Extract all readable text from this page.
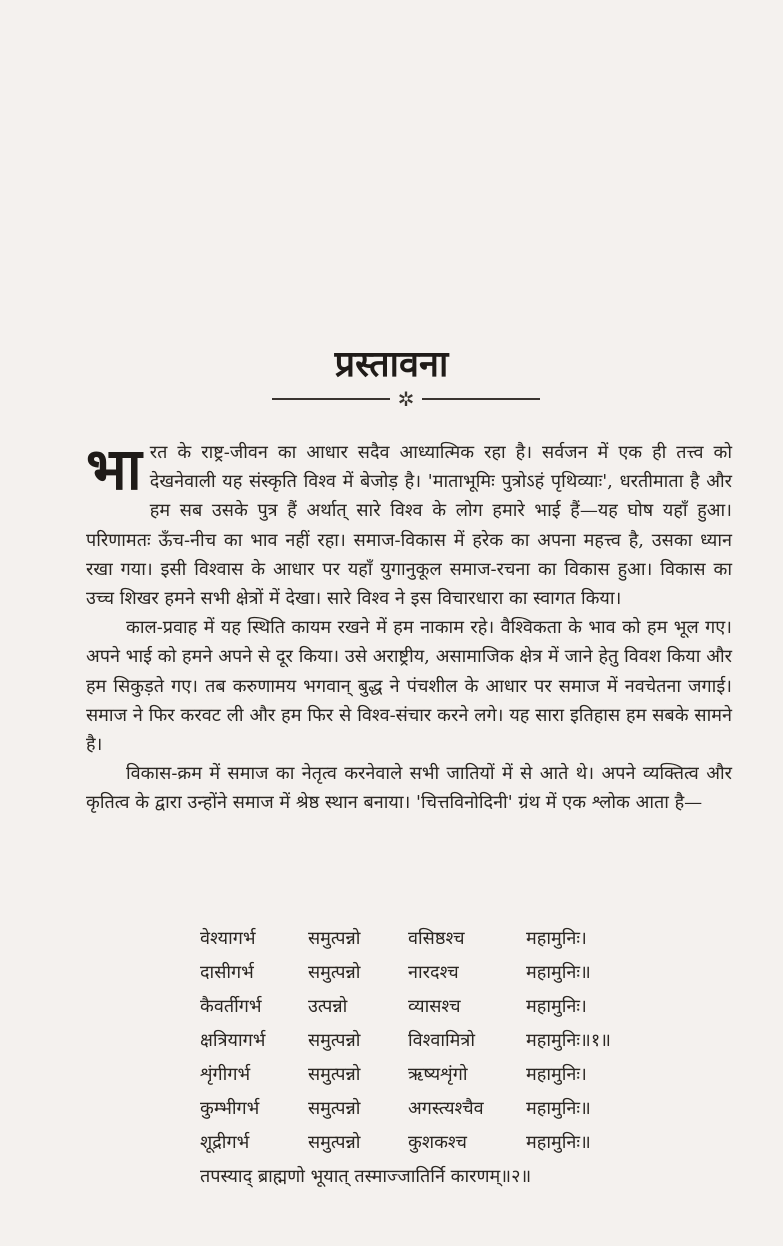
प्रस्तावना
✲

भारत के राष्ट्र-जीवन का आधार सदैव आध्यात्मिक रहा है। सर्वजन में एक ही तत्त्व को देखनेवाली यह संस्कृति विश्व में बेजोड़ है। 'माताभूमिः पुत्रोऽहं पृथिव्याः', धरतीमाता है और हम सब उसके पुत्र हैं अर्थात् सारे विश्व के लोग हमारे भाई हैं—यह घोष यहाँ हुआ। परिणामतः ऊँच-नीच का भाव नहीं रहा। समाज-विकास में हरेक का अपना महत्त्व है, उसका ध्यान रखा गया। इसी विश्वास के आधार पर यहाँ युगानुकूल समाज-रचना का विकास हुआ। विकास का उच्च शिखर हमने सभी क्षेत्रों में देखा। सारे विश्व ने इस विचारधारा का स्वागत किया।

काल-प्रवाह में यह स्थिति कायम रखने में हम नाकाम रहे। वैश्विकता के भाव को हम भूल गए। अपने भाई को हमने अपने से दूर किया। उसे अराष्ट्रीय, असामाजिक क्षेत्र में जाने हेतु विवश किया और हम सिकुड़ते गए। तब करुणामय भगवान् बुद्ध ने पंचशील के आधार पर समाज में नवचेतना जगाई। समाज ने फिर करवट ली और हम फिर से विश्व-संचार करने लगे। यह सारा इतिहास हम सबके सामने है।

विकास-क्रम में समाज का नेतृत्व करनेवाले सभी जातियों में से आते थे। अपने व्यक्तित्व और कृतित्व के द्वारा उन्होंने समाज में श्रेष्ठ स्थान बनाया। 'चित्तविनोदिनी' ग्रंथ में एक श्लोक आता है—

वेश्यागर्भ	समुत्पन्नो	वसिष्ठश्च	महामुनिः।
दासीगर्भ	समुत्पन्नो	नारदश्च	महामुनिः॥
कैवर्तीगर्भ	उत्पन्नो	व्यासश्च	महामुनिः।
क्षत्रियागर्भ	समुत्पन्नो	विश्वामित्रो	महामुनिः॥१॥
शृंगीगर्भ	समुत्पन्नो	ऋष्यशृंगो	महामुनिः।
कुम्भीगर्भ	समुत्पन्नो	अगस्त्यश्चैव	महामुनिः॥
शूद्रीगर्भ	समुत्पन्नो	कुशकश्च	महामुनिः॥
तपस्याद् ब्राह्मणो भूयात् तस्माज्जातिर्नि कारणम्॥२॥
